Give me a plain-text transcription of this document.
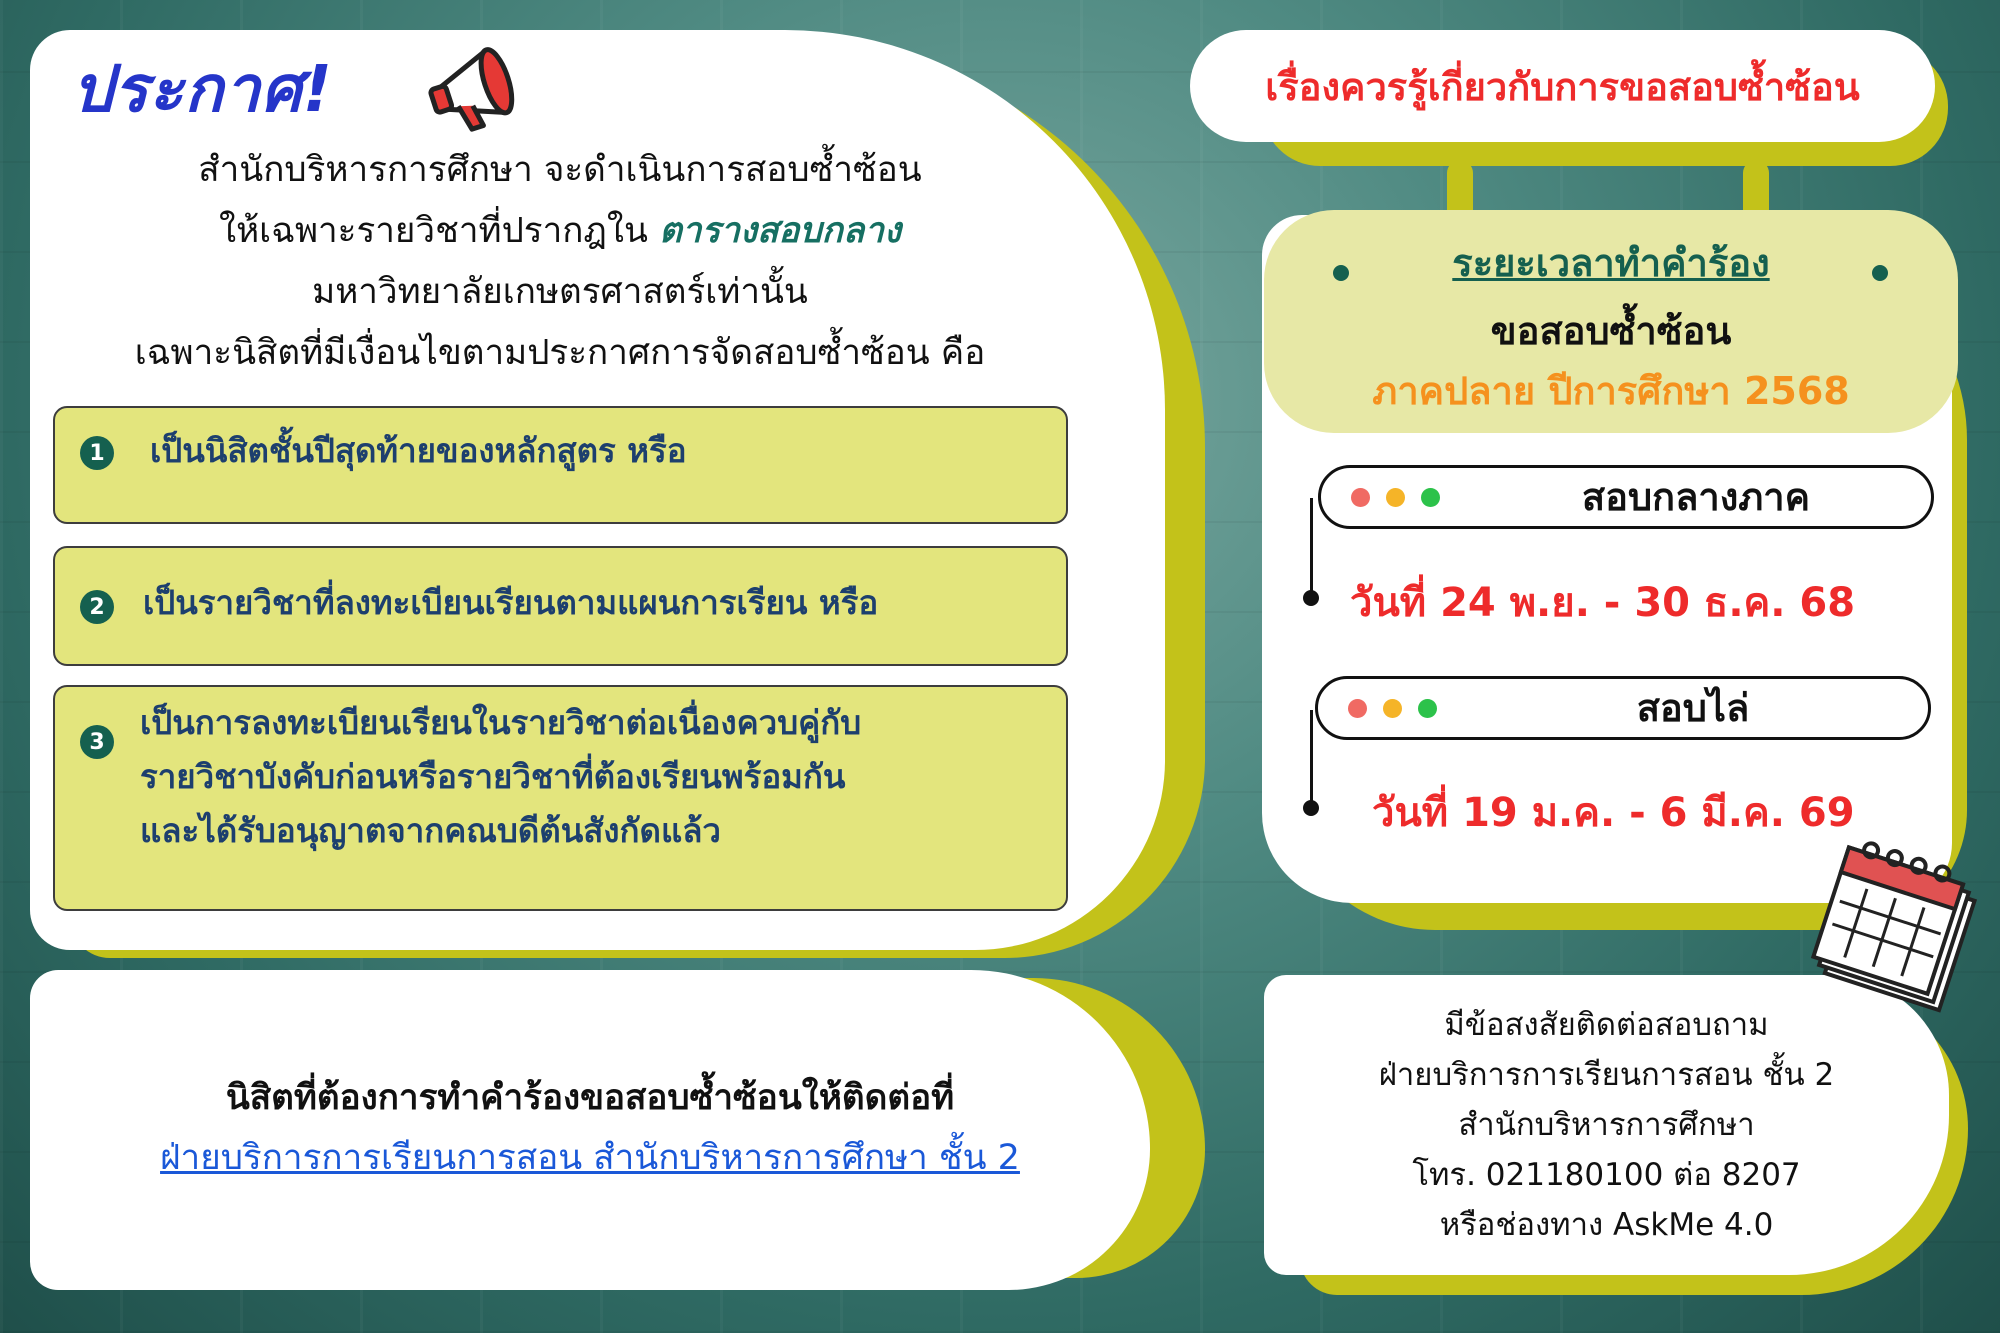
ประกาศ!
สำนักบริหารการศึกษา จะดำเนินการสอบซ้ำซ้อน
ให้เฉพาะรายวิชาที่ปรากฎใน ตารางสอบกลาง
มหาวิทยาลัยเกษตรศาสตร์เท่านั้น
เฉพาะนิสิตที่มีเงื่อนไขตามประกาศการจัดสอบซ้ำซ้อน คือ
1 เป็นนิสิตชั้นปีสุดท้ายของหลักสูตร หรือ
2 เป็นรายวิชาที่ลงทะเบียนเรียนตามแผนการเรียน หรือ
3 เป็นการลงทะเบียนเรียนในรายวิชาต่อเนื่องควบคู่กับ
รายวิชาบังคับก่อนหรือรายวิชาที่ต้องเรียนพร้อมกัน
และได้รับอนุญาตจากคณบดีต้นสังกัดแล้ว
นิสิตที่ต้องการทำคำร้องขอสอบซ้ำซ้อนให้ติดต่อที่
ฝ่ายบริการการเรียนการสอน สำนักบริหารการศึกษา ชั้น 2
เรื่องควรรู้เกี่ยวกับการขอสอบซ้ำซ้อน
ระยะเวลาทำคำร้อง
ขอสอบซ้ำซ้อน
ภาคปลาย ปีการศึกษา 2568
สอบกลางภาค
วันที่ 24 พ.ย. - 30 ธ.ค. 68
สอบไล่
วันที่ 19 ม.ค. - 6 มี.ค. 69
มีข้อสงสัยติดต่อสอบถาม
ฝ่ายบริการการเรียนการสอน ชั้น 2
สำนักบริหารการศึกษา
โทร. 021180100 ต่อ 8207
หรือช่องทาง AskMe 4.0
